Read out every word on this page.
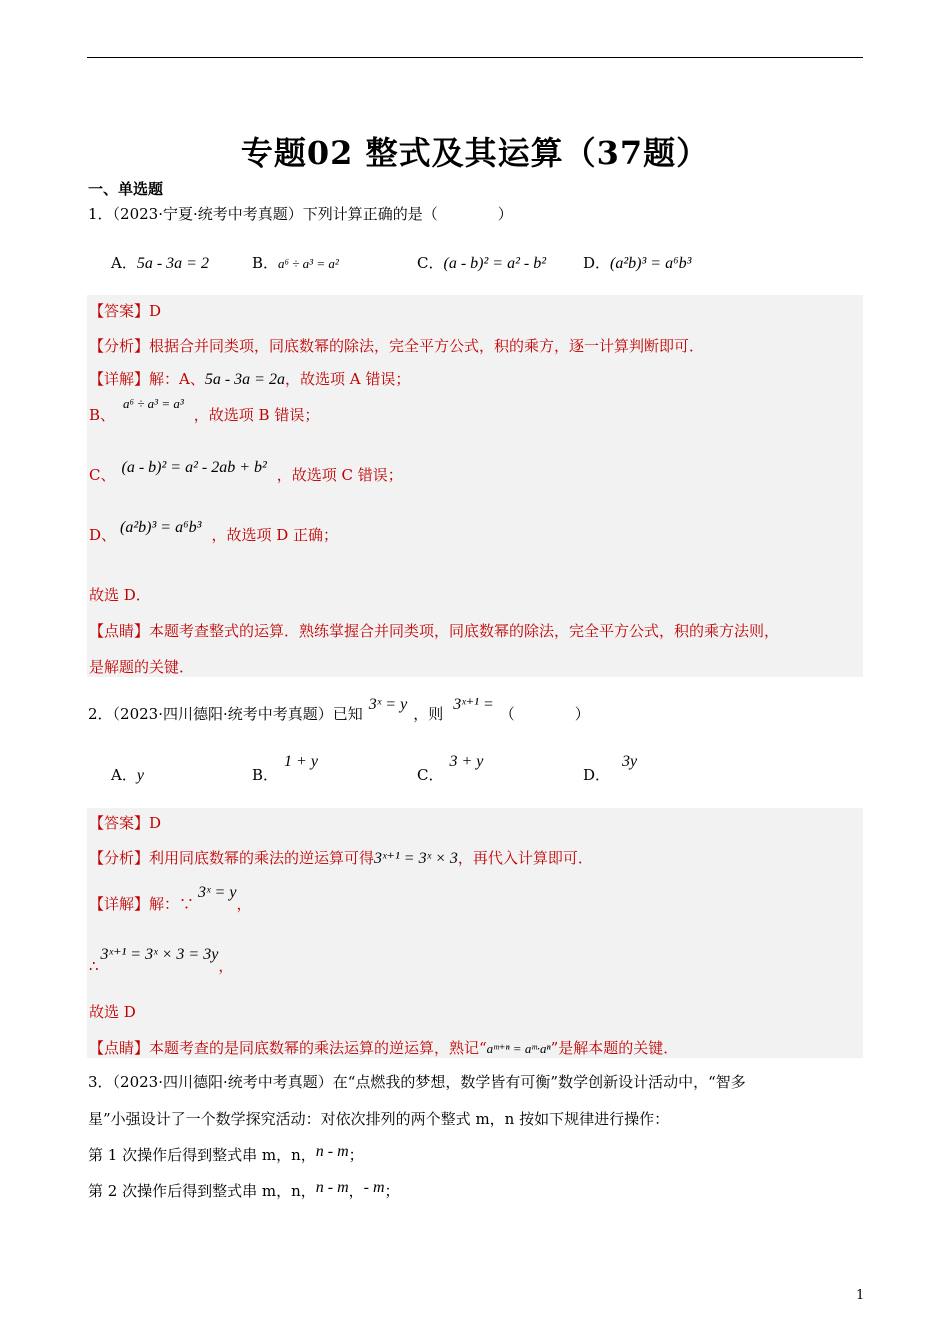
专题02 整式及其运算（37题）
一、单选题
1．（2023·宁夏·统考中考真题）下列计算正确的是（　　　　）
A．5a - 3a = 2	B．a⁶ ÷ a³ = a²	C．(a - b)² = a² - b² D．(a²b)³ = a⁶b³
【答案】D
【分析】根据合并同类项，同底数幂的除法，完全平方公式，积的乘方，逐一计算判断即可．
【详解】解：A、5a - 3a = 2a，故选项 A 错误；
B、a⁶ ÷ a³ = a³，故选项 B 错误；
C、 (a - b)² = a² - 2ab + b² ，故选项 C 错误；
D、 (a²b)³ = a⁶b³ ，故选项 D 正确；
故选 D．
【点睛】本题考查整式的运算．熟练掌握合并同类项，同底数幂的除法，完全平方公式，积的乘方法则，
是解题的关键．
2．（2023·四川德阳·统考中考真题）已知3ˣ = y，则3ˣ⁺¹ =（　　　　）
A．y	B．1 + y
C．3 + y
D．3y
【答案】D
【分析】利用同底数幂的乘法的逆运算可得3ˣ⁺¹ = 3ˣ × 3，再代入计算即可．
【详解】解：∵3ˣ = y，
∴3ˣ⁺¹ = 3ˣ × 3 = 3y，
故选 D
【点睛】本题考查的是同底数幂的乘法运算的逆运算，熟记“aᵐ⁺ⁿ = aᵐ·aⁿ”是解本题的关键．
3．（2023·四川德阳·统考中考真题）在“点燃我的梦想，数学皆有可衡”数学创新设计活动中，“智多
星”小强设计了一个数学探究活动：对依次排列的两个整式 m，n 按如下规律进行操作：
第 1 次操作后得到整式串 m，n，n - m；
第 2 次操作后得到整式串 m，n，n - m，- m；
1
